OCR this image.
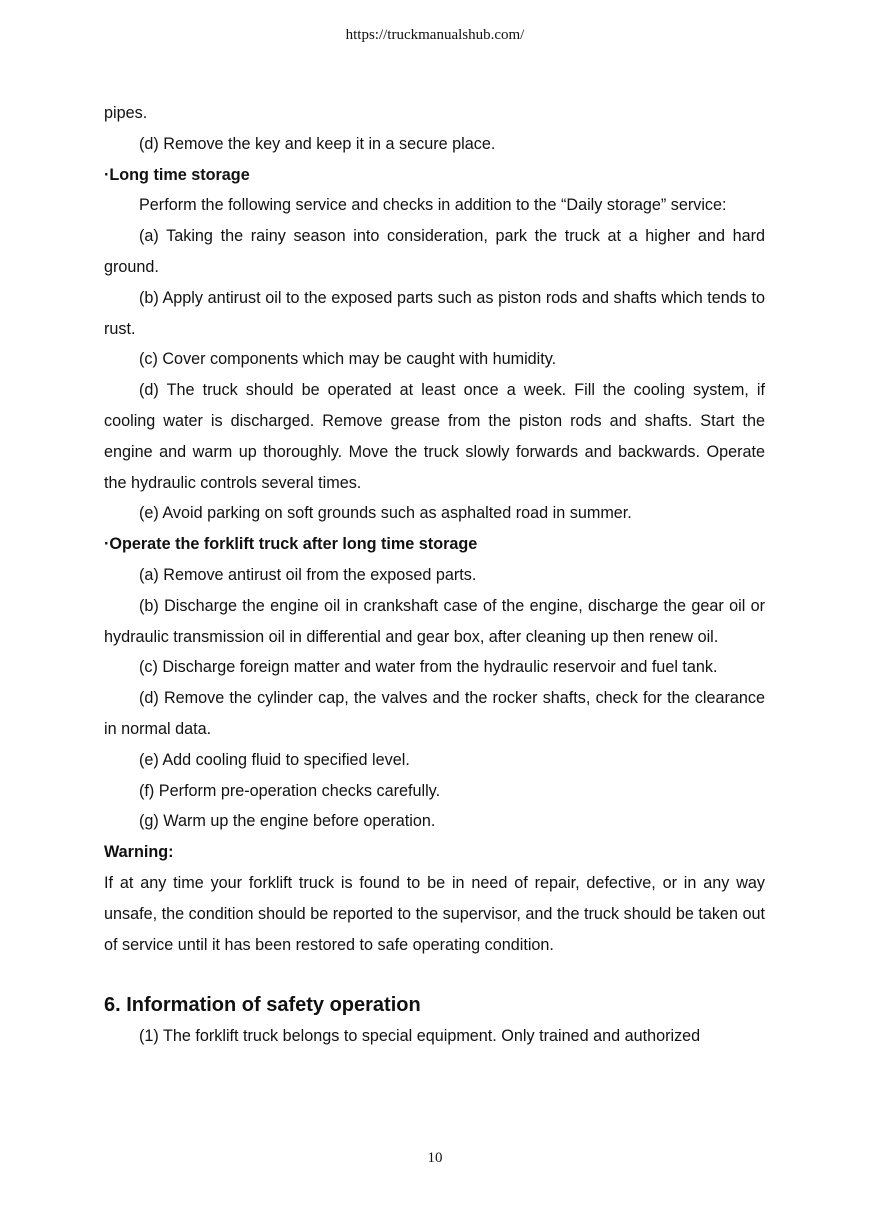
https://truckmanualshub.com/

pipes.

(d) Remove the key and keep it in a secure place.

·Long time storage

Perform the following service and checks in addition to the “Daily storage” service:

(a) Taking the rainy season into consideration, park the truck at a higher and hard ground.

(b) Apply antirust oil to the exposed parts such as piston rods and shafts which tends to rust.

(c) Cover components which may be caught with humidity.

(d) The truck should be operated at least once a week. Fill the cooling system, if cooling water is discharged. Remove grease from the piston rods and shafts. Start the engine and warm up thoroughly. Move the truck slowly forwards and backwards. Operate the hydraulic controls several times.

(e) Avoid parking on soft grounds such as asphalted road in summer.

·Operate the forklift truck after long time storage

(a) Remove antirust oil from the exposed parts.

(b) Discharge the engine oil in crankshaft case of the engine, discharge the gear oil or hydraulic transmission oil in differential and gear box, after cleaning up then renew oil.

(c) Discharge foreign matter and water from the hydraulic reservoir and fuel tank.

(d) Remove the cylinder cap, the valves and the rocker shafts, check for the clearance in normal data.

(e) Add cooling fluid to specified level.

(f) Perform pre-operation checks carefully.

(g) Warm up the engine before operation.

Warning:

If at any time your forklift truck is found to be in need of repair, defective, or in any way unsafe, the condition should be reported to the supervisor, and the truck should be taken out of service until it has been restored to safe operating condition.

6. Information of safety operation

(1) The forklift truck belongs to special equipment. Only trained and authorized

10
